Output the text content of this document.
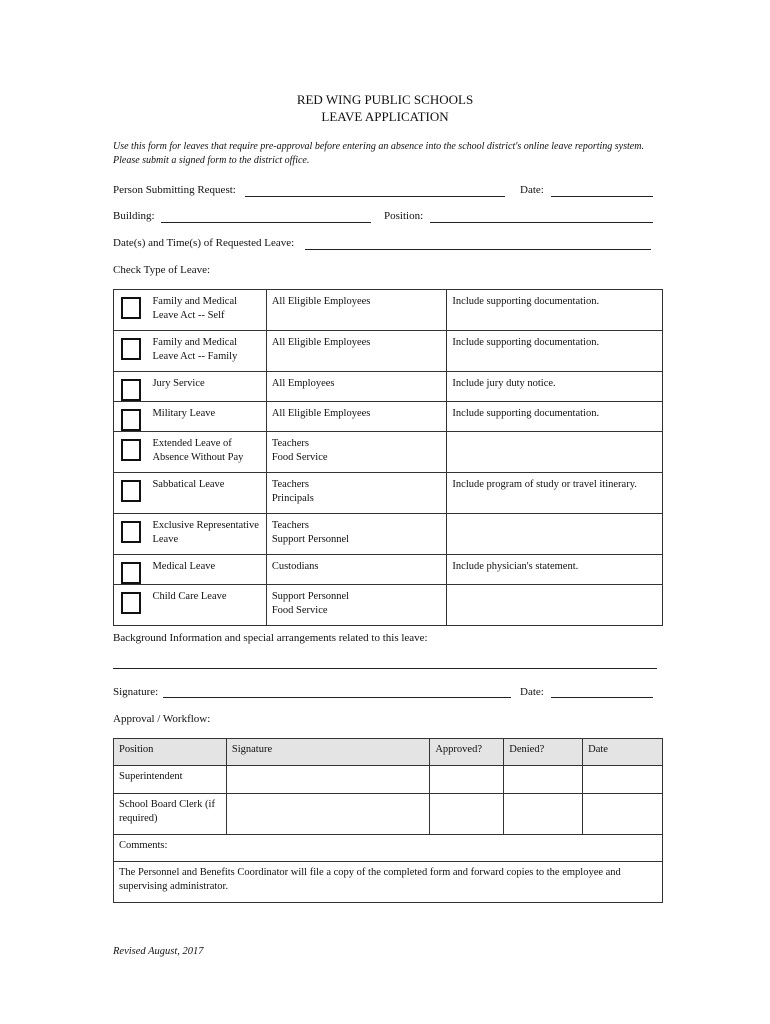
RED WING PUBLIC SCHOOLS
LEAVE APPLICATION
Use this form for leaves that require pre-approval before entering an absence into the school district's online leave reporting system. Please submit a signed form to the district office.
Person Submitting Request:	Date:
Building:	Position:
Date(s) and Time(s) of Requested Leave:
Check Type of Leave:
	Family and Medical Leave Act -- Self	All Eligible Employees	Include supporting documentation.

	Family and Medical Leave Act -- Family	All Eligible Employees	Include supporting documentation.

	Jury Service	All Employees	Include jury duty notice.

	Military Leave	All Eligible Employees	Include supporting documentation.

	Extended Leave of Absence Without Pay	Teachers
Food Service	

	Sabbatical Leave	Teachers
Principals	Include program of study or travel itinerary.

	Exclusive Representative Leave	Teachers
Support Personnel	

	Medical Leave	Custodians	Include physician's statement.

	Child Care Leave	Support Personnel
Food Service	
Background Information and special arrangements related to this leave:
Signature:	Date:
Approval / Workflow:
Position	Signature	Approved?	Denied?	Date
Superintendent				
School Board Clerk (if required)				
Comments:				
The Personnel and Benefits Coordinator will file a copy of the completed form and forward copies to the employee and supervising administrator.				
Revised August, 2017
